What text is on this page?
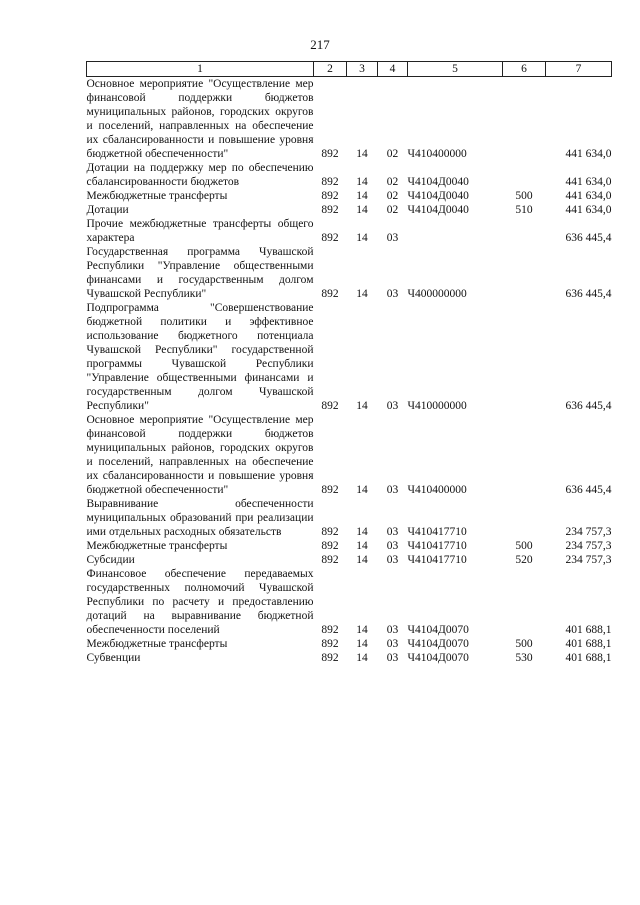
217
1	2	3	4	5	6	7
Основное мероприятие "Осуществление мер финансовой поддержки бюджетов муниципальных районов, городских округов и поселений, направленных на обеспечение их сбалансированности и повышение уровня бюджетной обеспеченности"	892	14	02	Ч410400000		441 634,0
Дотации на поддержку мер по обеспечению сбалансированности бюджетов	892	14	02	Ч4104Д0040		441 634,0
Межбюджетные трансферты	892	14	02	Ч4104Д0040	500	441 634,0
Дотации	892	14	02	Ч4104Д0040	510	441 634,0
Прочие межбюджетные трансферты общего характера	892	14	03			636 445,4
Государственная программа Чувашской Республики "Управление общественными финансами и государственным долгом Чувашской Республики"	892	14	03	Ч400000000		636 445,4
Подпрограмма "Совершенствование бюджетной политики и эффективное использование бюджетного потенциала Чувашской Республики" государственной программы Чувашской Республики "Управление общественными финансами и государственным долгом Чувашской Республики"	892	14	03	Ч410000000		636 445,4
Основное мероприятие "Осуществление мер финансовой поддержки бюджетов муниципальных районов, городских округов и поселений, направленных на обеспечение их сбалансированности и повышение уровня бюджетной обеспеченности"	892	14	03	Ч410400000		636 445,4
Выравнивание обеспеченности муниципальных образований при реализации ими отдельных расходных обязательств	892	14	03	Ч410417710		234 757,3
Межбюджетные трансферты	892	14	03	Ч410417710	500	234 757,3
Субсидии	892	14	03	Ч410417710	520	234 757,3
Финансовое обеспечение передаваемых государственных полномочий Чувашской Республики по расчету и предоставлению дотаций на выравнивание бюджетной обеспеченности поселений	892	14	03	Ч4104Д0070		401 688,1
Межбюджетные трансферты	892	14	03	Ч4104Д0070	500	401 688,1
Субвенции	892	14	03	Ч4104Д0070	530	401 688,1
